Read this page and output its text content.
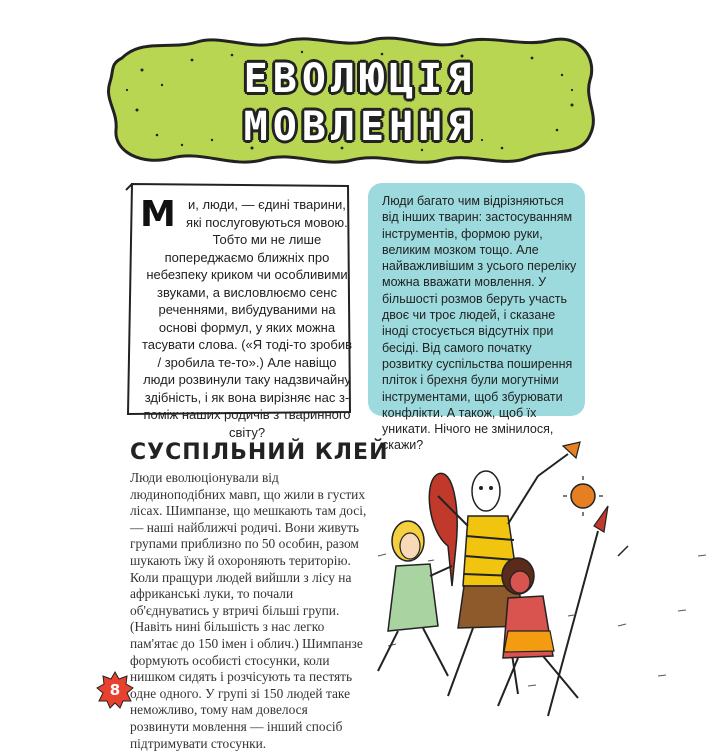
ЕВОЛЮЦІЯ
МОВЛЕННЯ
М и, люди, — єдині тварини, які послуговуються мовою. Тобто ми не лише попереджаємо ближніх про небезпеку криком чи особливими звуками, а висловлюємо сенс реченнями, вибудуваними на основі формул, у яких можна тасувати слова. («Я тоді-то зробив / зробила те-то».) Але навіщо люди розвинули таку надзвичайну здібність, і як вона вирізняє нас з-поміж наших родичів з тваринного світу?
Люди багато чим відрізняються від інших тварин: застосуванням інструментів, формою руки, великим мозком тощо. Але найважливішим з усього переліку можна вважати мовлення. У більшості розмов беруть участь двоє чи троє людей, і сказане іноді стосується відсутніх при бесіді. Від самого початку розвитку суспільства поширення пліток і брехня були могутніми інструментами, щоб збурювати конфлікти. А також, щоб їх уникати. Нічого не змінилося, скажи?
СУСПІЛЬНИЙ КЛЕЙ
Люди еволюціонували від людиноподібних мавп, що жили в густих лісах. Шимпанзе, що мешкають там досі, — наші найближчі родичі. Вони живуть групами приблизно по 50 особин, разом шукають їжу й охороняють територію. Коли пращури людей вийшли з лісу на африканські луки, то почали об'єднуватись у втричі більші групи. (Навіть нині більшість з нас легко пам'ятає до 150 імен і облич.) Шимпанзе формують особисті стосунки, коли нишком сидять і розчісують та пестять одне одного. У групі зі 150 людей таке неможливо, тому нам довелося розвинути мовлення — інший спосіб підтримувати стосунки.
8
